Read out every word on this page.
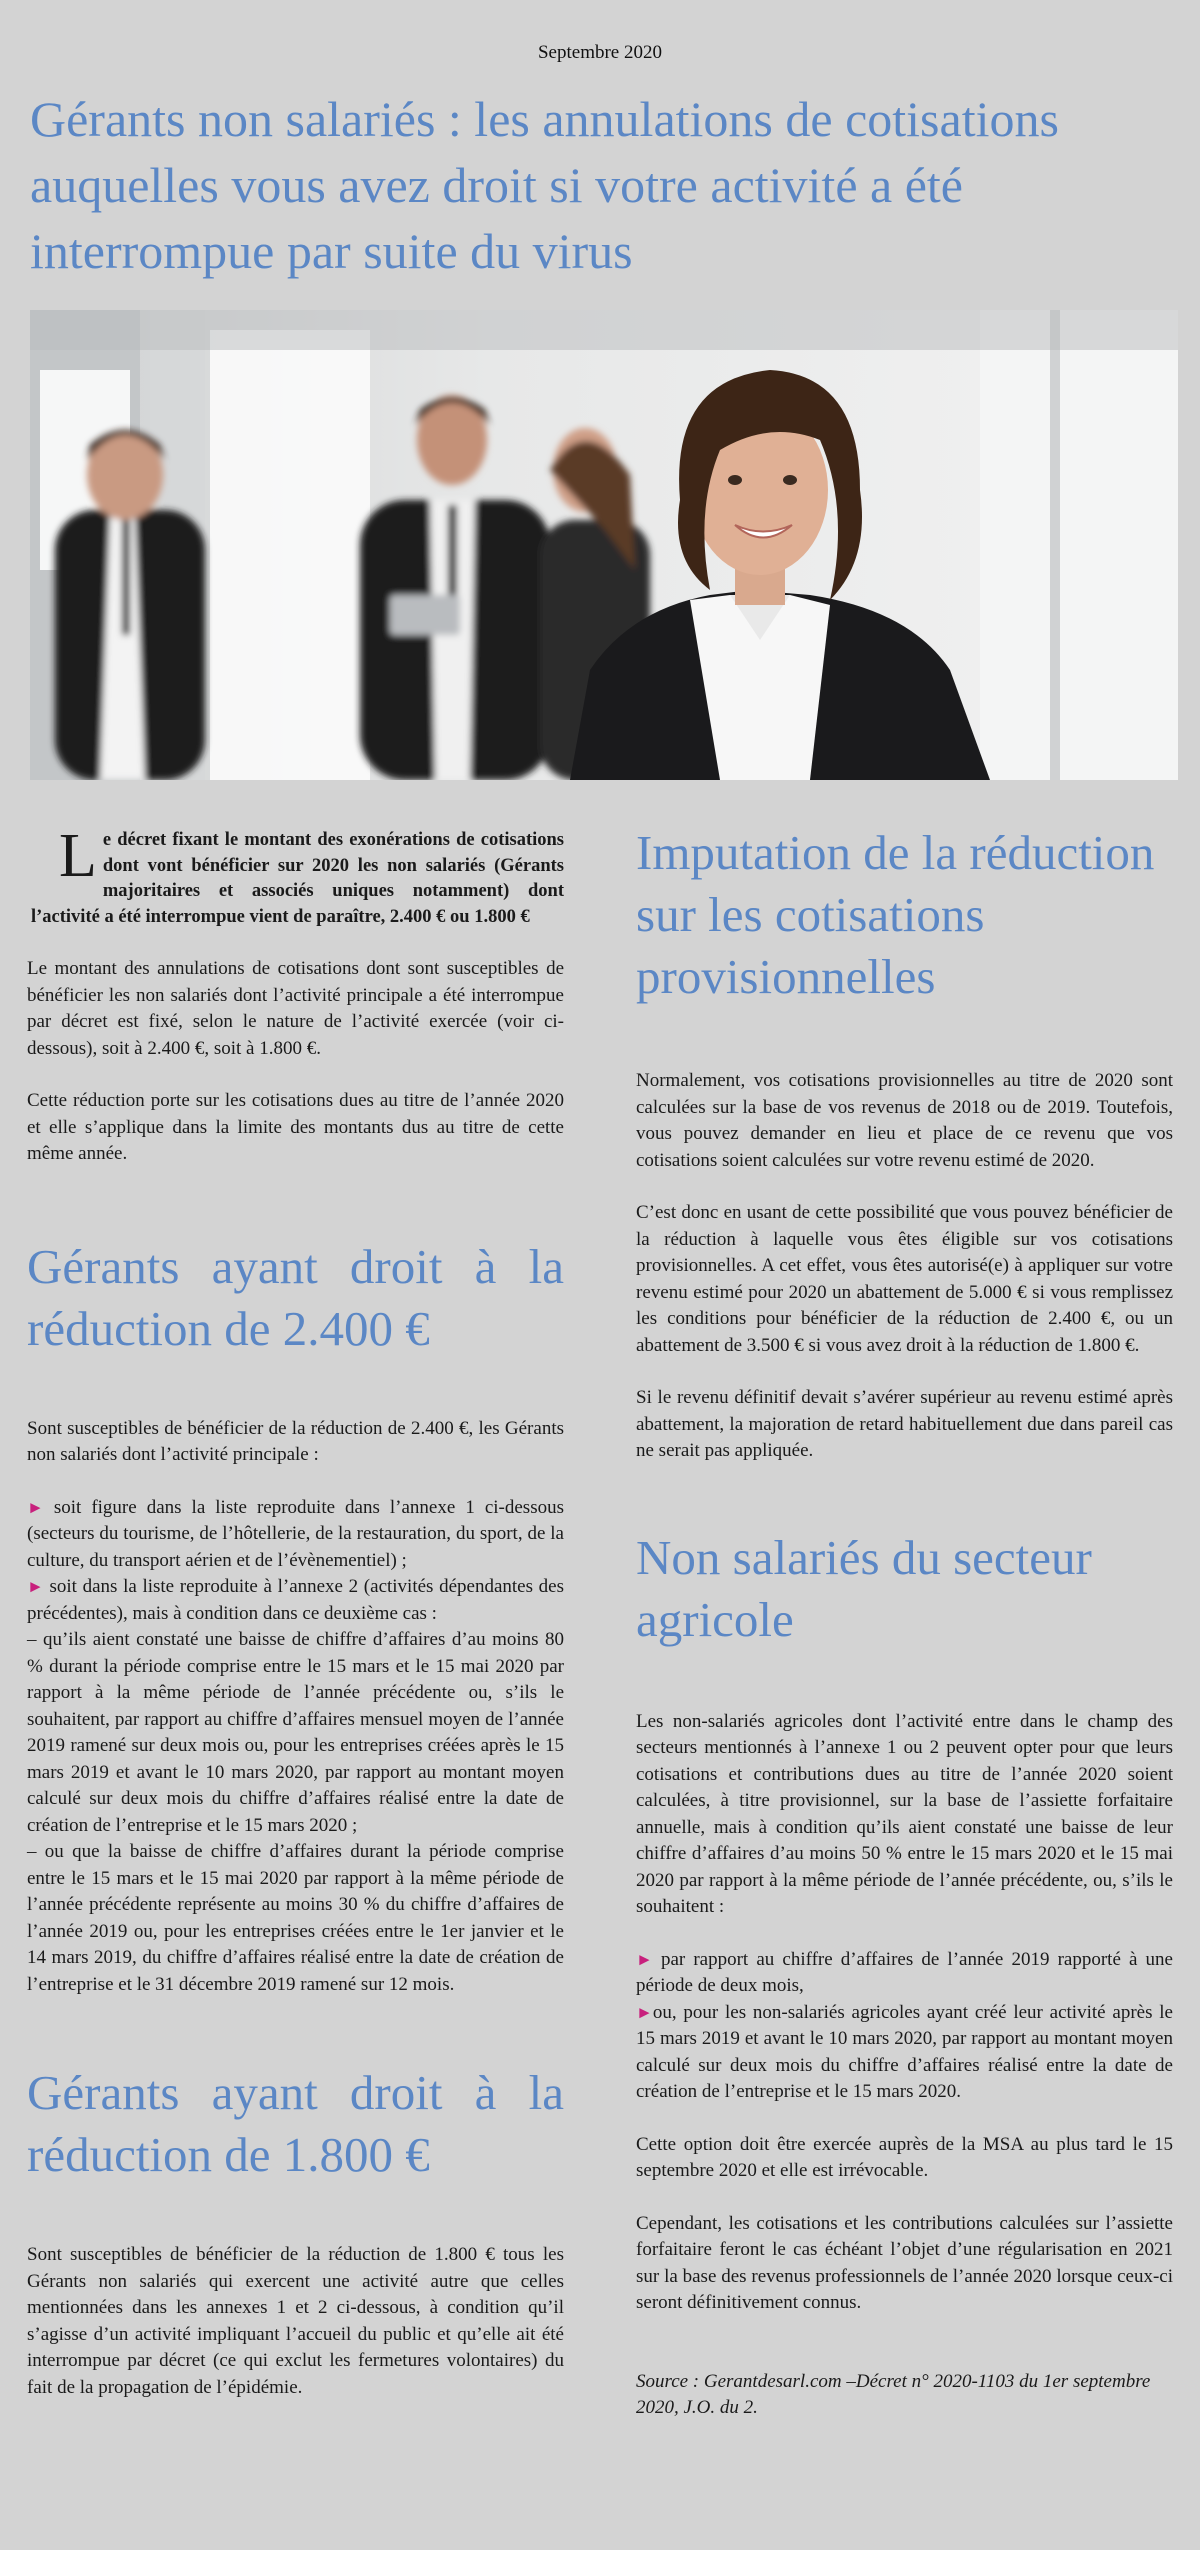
Septembre 2020
Gérants non salariés : les annulations de cotisations auquelles vous avez droit si votre activité a été interrompue par suite du virus

Le décret fixant le montant des exonérations de cotisations dont vont bénéficier sur 2020 les non salariés (Gérants majoritaires et associés uniques notamment) dont l’activité a été interrompue vient de paraître, 2.400 € ou 1.800 €

Le montant des annulations de cotisations dont sont susceptibles de bénéficier les non salariés dont l’activité principale a été interrompue par décret est fixé, selon le nature de l’activité exercée (voir ci-dessous), soit à 2.400 €, soit à 1.800 €.

Cette réduction porte sur les cotisations dues au titre de l’année 2020 et elle s’applique dans la limite des montants dus au titre de cette même année.

Gérants ayant droit à la réduction de 2.400 €

Sont susceptibles de bénéficier de la réduction de 2.400 €, les Gérants non salariés dont l’activité principale :

► soit figure dans la liste reproduite dans l’annexe 1 ci-dessous (secteurs du tourisme, de l’hôtellerie, de la restauration, du sport, de la culture, du transport aérien et de l’évènementiel) ;

► soit dans la liste reproduite à l’annexe 2 (activités dépendantes des précédentes), mais à condition dans ce deuxième cas :

– qu’ils aient constaté une baisse de chiffre d’affaires d’au moins 80 % durant la période comprise entre le 15 mars et le 15 mai 2020 par rapport à la même période de l’année précédente ou, s’ils le souhaitent, par rapport au chiffre d’affaires mensuel moyen de l’année 2019 ramené sur deux mois ou, pour les entreprises créées après le 15 mars 2019 et avant le 10 mars 2020, par rapport au montant moyen calculé sur deux mois du chiffre d’affaires réalisé entre la date de création de l’entreprise et le 15 mars 2020 ;

– ou que la baisse de chiffre d’affaires durant la période comprise entre le 15 mars et le 15 mai 2020 par rapport à la même période de l’année précédente représente au moins 30 % du chiffre d’affaires de l’année 2019 ou, pour les entreprises créées entre le 1er janvier et le 14 mars 2019, du chiffre d’affaires réalisé entre la date de création de l’entreprise et le 31 décembre 2019 ramené sur 12 mois.

Gérants ayant droit à la réduction de 1.800 €

Sont susceptibles de bénéficier de la réduction de 1.800 € tous les Gérants non salariés qui exercent une activité autre que celles mentionnées dans les annexes 1 et 2 ci-dessous, à condition qu’il s’agisse d’un activité impliquant l’accueil du public et qu’elle ait été interrompue par décret (ce qui exclut les fermetures volontaires) du fait de la propagation de l’épidémie.

Imputation de la réduction sur les cotisations provisionnelles

Normalement, vos cotisations provisionnelles au titre de 2020 sont calculées sur la base de vos revenus de 2018 ou de 2019. Toutefois, vous pouvez demander en lieu et place de ce revenu que vos cotisations soient calculées sur votre revenu estimé de 2020.

C’est donc en usant de cette possibilité que vous pouvez bénéficier de la réduction à laquelle vous êtes éligible sur vos cotisations provisionnelles. A cet effet, vous êtes autorisé(e) à appliquer sur votre revenu estimé pour 2020 un abattement de 5.000 € si vous remplissez les conditions pour bénéficier de la réduction de 2.400 €, ou un abattement de 3.500 € si vous avez droit à la réduction de 1.800 €.

Si le revenu définitif devait s’avérer supérieur au revenu estimé après abattement, la majoration de retard habituellement due dans pareil cas ne serait pas appliquée.

Non salariés du secteur agricole

Les non-salariés agricoles dont l’activité entre dans le champ des secteurs mentionnés à l’annexe 1 ou 2 peuvent opter pour que leurs cotisations et contributions dues au titre de l’année 2020 soient calculées, à titre provisionnel, sur la base de l’assiette forfaitaire annuelle, mais à condition qu’ils aient constaté une baisse de leur chiffre d’affaires d’au moins 50 % entre le 15 mars 2020 et le 15 mai 2020 par rapport à la même période de l’année précédente, ou, s’ils le souhaitent :

► par rapport au chiffre d’affaires de l’année 2019 rapporté à une période de deux mois,

►ou, pour les non-salariés agricoles ayant créé leur activité après le 15 mars 2019 et avant le 10 mars 2020, par rapport au montant moyen calculé sur deux mois du chiffre d’affaires réalisé entre la date de création de l’entreprise et le 15 mars 2020.

Cette option doit être exercée auprès de la MSA au plus tard le 15 septembre 2020 et elle est irrévocable.

Cependant, les cotisations et les contributions calculées sur l’assiette forfaitaire feront le cas échéant l’objet d’une régularisation en 2021 sur la base des revenus professionnels de l’année 2020 lorsque ceux-ci seront définitivement connus.

Source : Gerantdesarl.com –Décret n° 2020-1103 du 1er septembre 2020, J.O. du 2.
